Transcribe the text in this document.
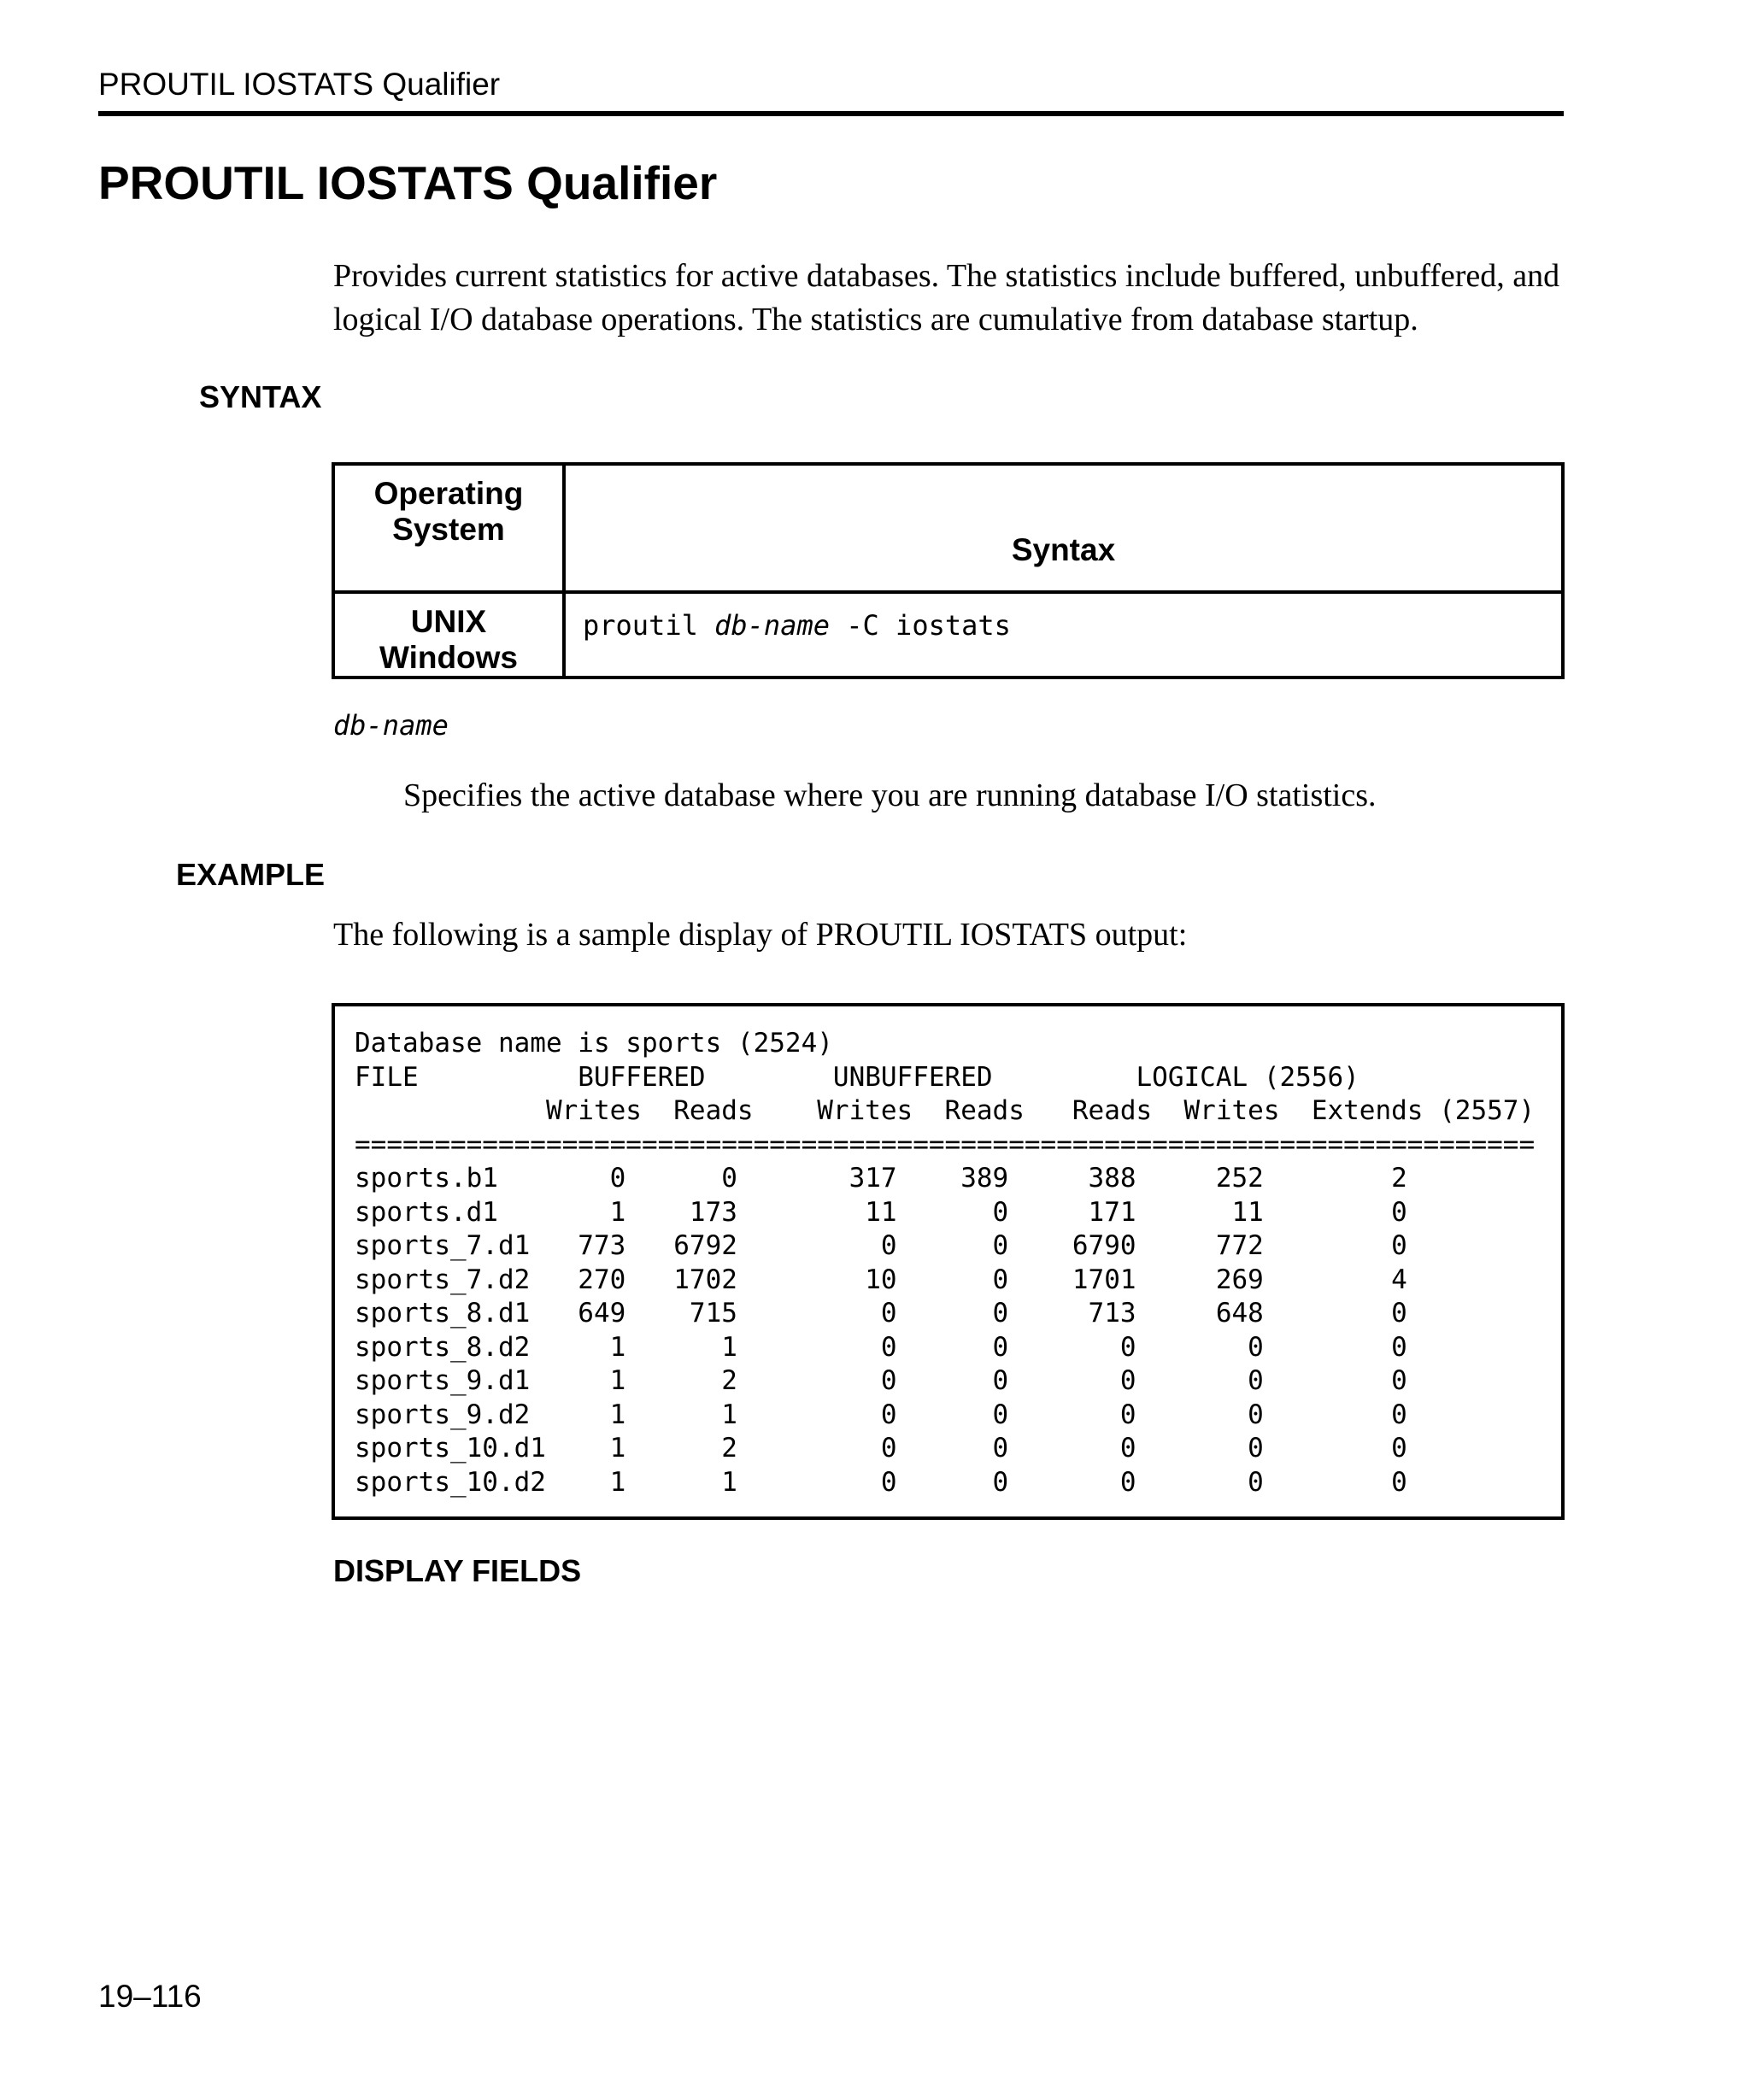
PROUTIL IOSTATS Qualifier
PROUTIL IOSTATS Qualifier

Provides current statistics for active databases. The statistics include buffered, unbuffered, and logical I/O database operations. The statistics are cumulative from database startup.

SYNTAX
Operating
System	Syntax

UNIX
Windows	proutil db-name -C iostats
db-name

Specifies the active database where you are running database I/O statistics.

EXAMPLE

The following is a sample display of PROUTIL IOSTATS output:

Database name is sports (2524)
FILE          BUFFERED        UNBUFFERED         LOGICAL (2556)
Writes  Reads    Writes  Reads   Reads  Writes  Extends (2557)
==========================================================================
sports.b1       0      0       317    389     388     252        2
sports.d1       1    173        11      0     171      11        0
sports_7.d1   773   6792         0      0    6790     772        0
sports_7.d2   270   1702        10      0    1701     269        4
sports_8.d1   649    715         0      0     713     648        0
sports_8.d2     1      1         0      0       0       0        0
sports_9.d1     1      2         0      0       0       0        0
sports_9.d2     1      1         0      0       0       0        0
sports_10.d1    1      2         0      0       0       0        0
sports_10.d2    1      1         0      0       0       0        0
DISPLAY FIELDS
19–116
